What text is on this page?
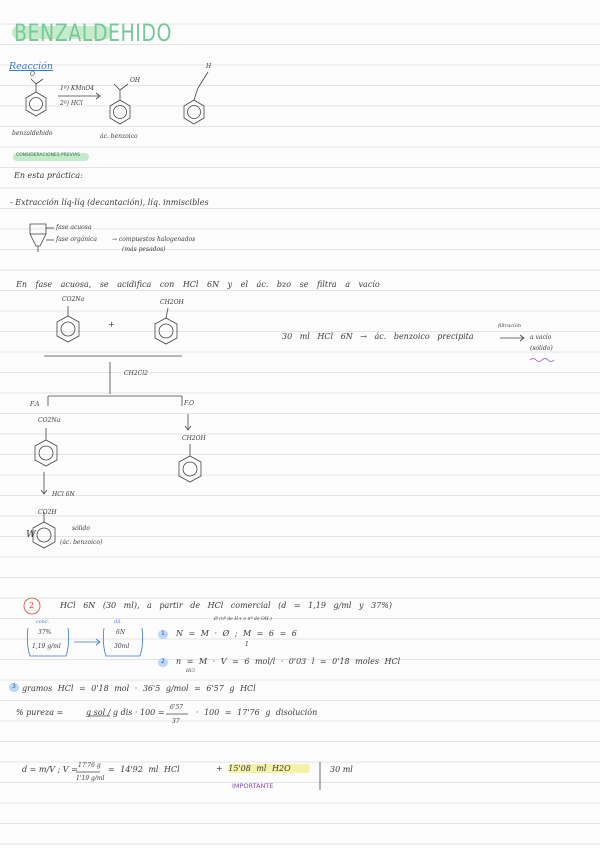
BENZALDEHIDO
Reacción
1º) KMnO4
2º) HCl
benzaldehido	ác. benzoico
OH
O
H
CONSIDERACIONES PREVIAS
En esta práctica:
- Extracción líq-líq (decantación), líq. inmiscibles
fase acuosa
fase orgánica	→ compuestos halogenados
(más pesados)
En fase acuosa, se acidifica con HCl 6N y el ác. bzo se filtra a vacío
CO2Na
+
CH2OH
CH2Cl2
F.A	F.O
CO2Na
CH2OH
HCl 6N
CO2H
sólido
(ác. benzoico)
W
30 ml HCl 6N → ác. benzoico precipita
filtración
a vacío
(sólido)
2	HCl 6N (30 ml), a partir de HCl comercial (d = 1,19 g/ml y 37%)
conc.
37%
1,19 g/ml
dil.
6N
30ml
1 N = M · Ø ; M = 6 = 6
1
Ø (nº de H+ o nº de OH-)
2 n = M · V = 6 mol/l · 0'03 l = 0'18 moles HCl
HCl
3 gramos HCl = 0'18 mol · 36'5 g/mol = 6'57 g HCl
% pureza =	g sol / g dis · 100 =
6'57
37
· 100 = 17'76 g disolución
d = m/V ; V = 17'76 g
1'19 g/ml
= 14'92 ml HCl	+ 15'08 ml H2O	30 ml
IMPORTANTE
